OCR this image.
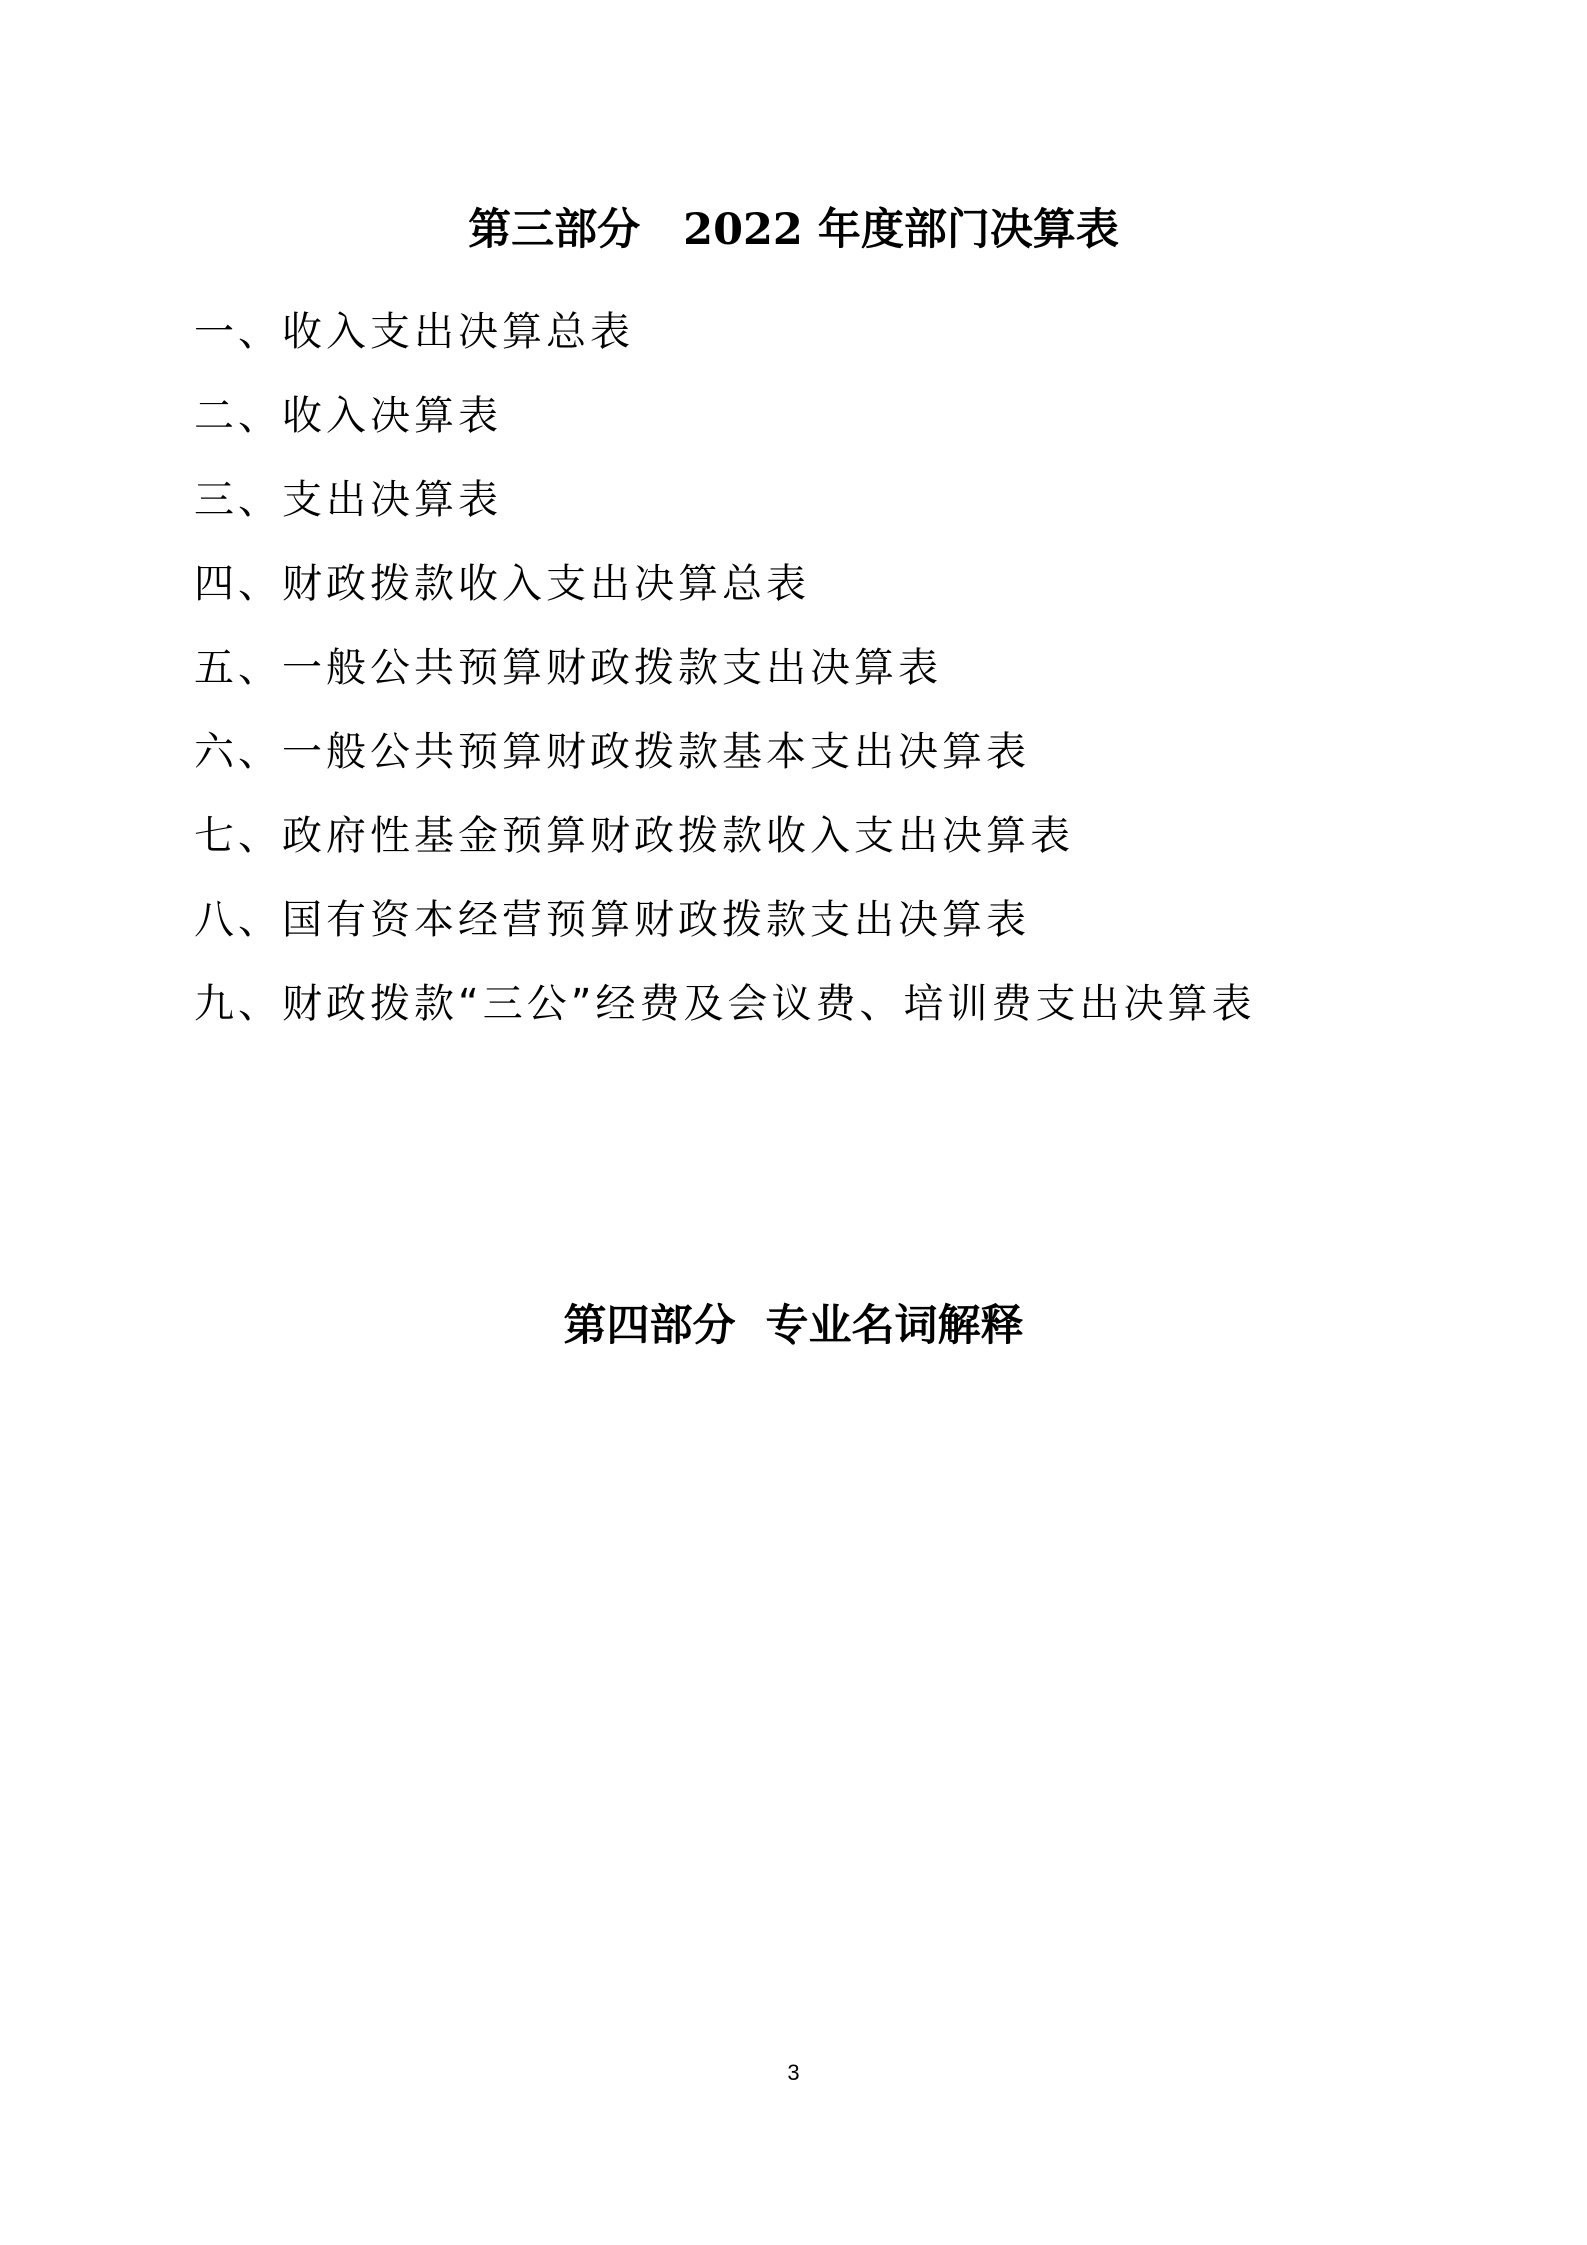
第三部分　2022 年度部门决算表
一、收入支出决算总表
二、收入决算表
三、支出决算表
四、财政拨款收入支出决算总表
五、一般公共预算财政拨款支出决算表
六、一般公共预算财政拨款基本支出决算表
七、政府性基金预算财政拨款收入支出决算表
八、国有资本经营预算财政拨款支出决算表
九、财政拨款“三公”经费及会议费、培训费支出决算表
第四部分  专业名词解释
3
